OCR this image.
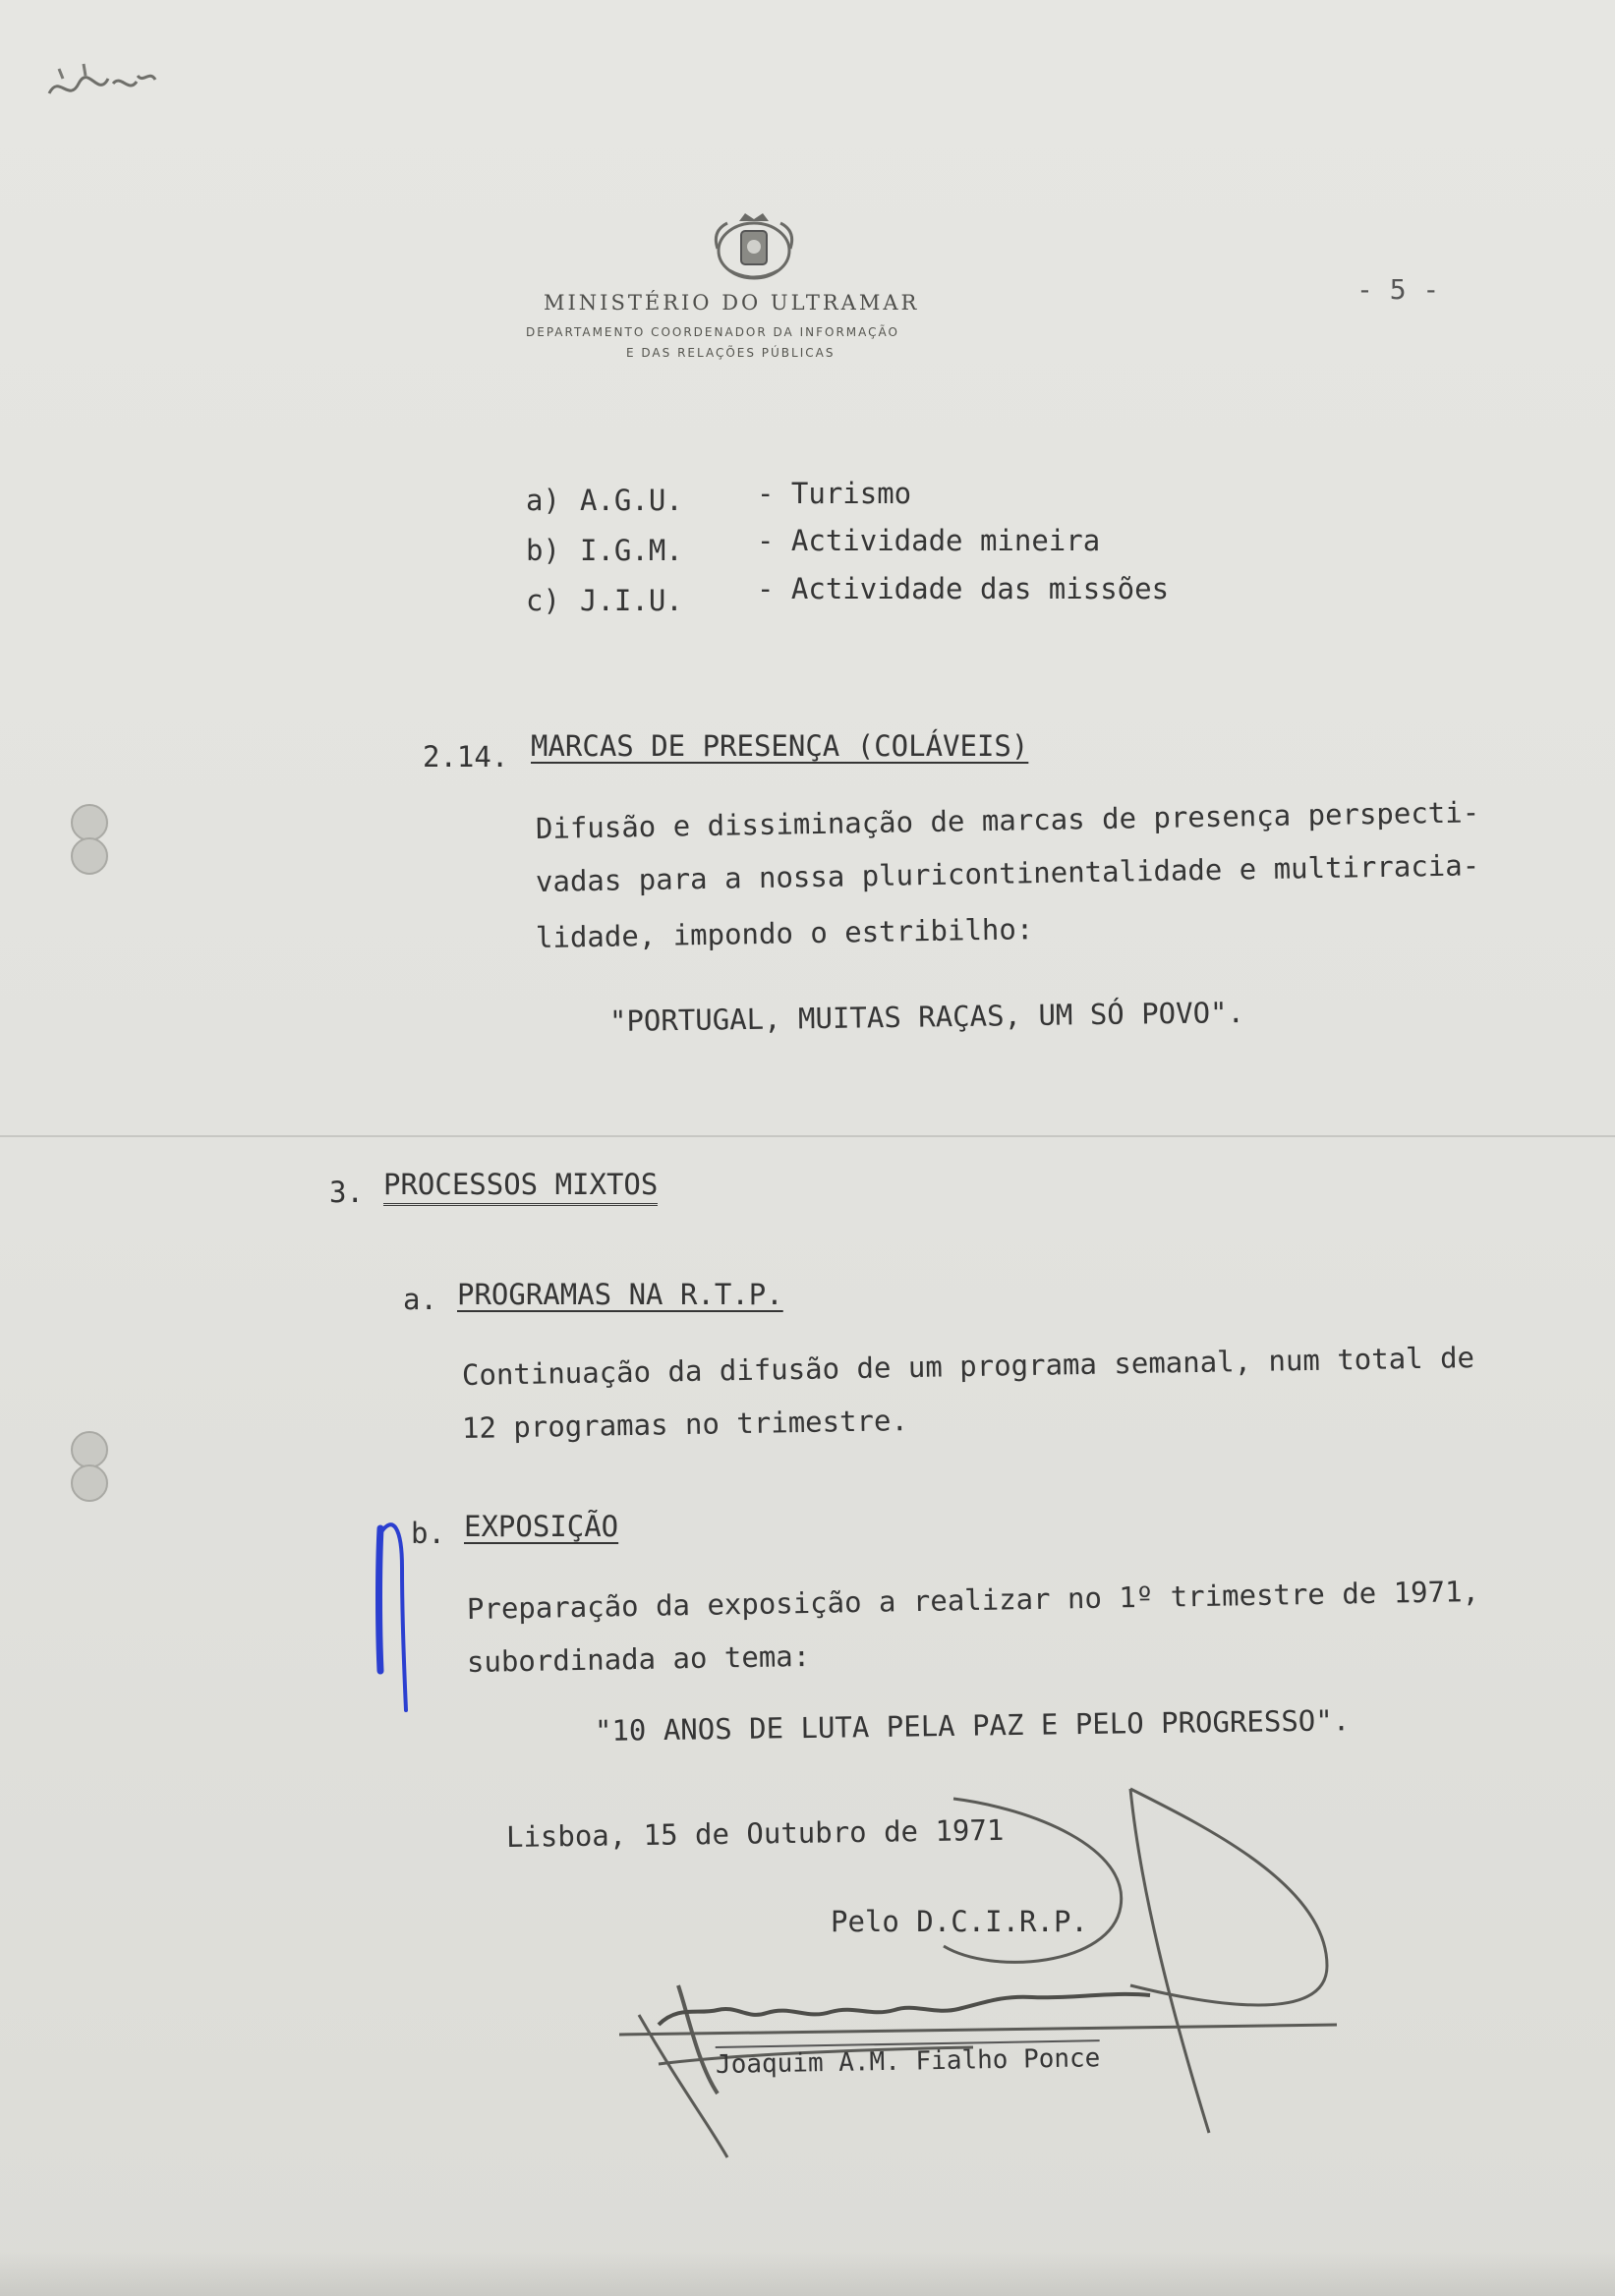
MINISTÉRIO DO ULTRAMAR
DEPARTAMENTO COORDENADOR DA INFORMAÇÃO
E DAS RELAÇÕES PÚBLICAS
- 5 -
a) A.G.U.	- Turismo
b) I.G.M.	- Actividade mineira
c) J.I.U.	- Actividade das missões
2.14. MARCAS DE PRESENÇA (COLÁVEIS)
Difusão e dissiminação de marcas de presença perspecti-
vadas para a nossa pluricontinentalidade e multirracia-
lidade, impondo o estribilho:
"PORTUGAL, MUITAS RAÇAS, UM SÓ POVO".
3. PROCESSOS MIXTOS
a. PROGRAMAS NA R.T.P.
Continuação da difusão de um programa semanal, num total de
12 programas no trimestre.
b. EXPOSIÇÃO
Preparação da exposição a realizar no 1º trimestre de 1971,
subordinada ao tema:
"10 ANOS DE LUTA PELA PAZ E PELO PROGRESSO".
Lisboa, 15 de Outubro de 1971
Pelo D.C.I.R.P.
Joaquim A.M. Fialho Ponce
